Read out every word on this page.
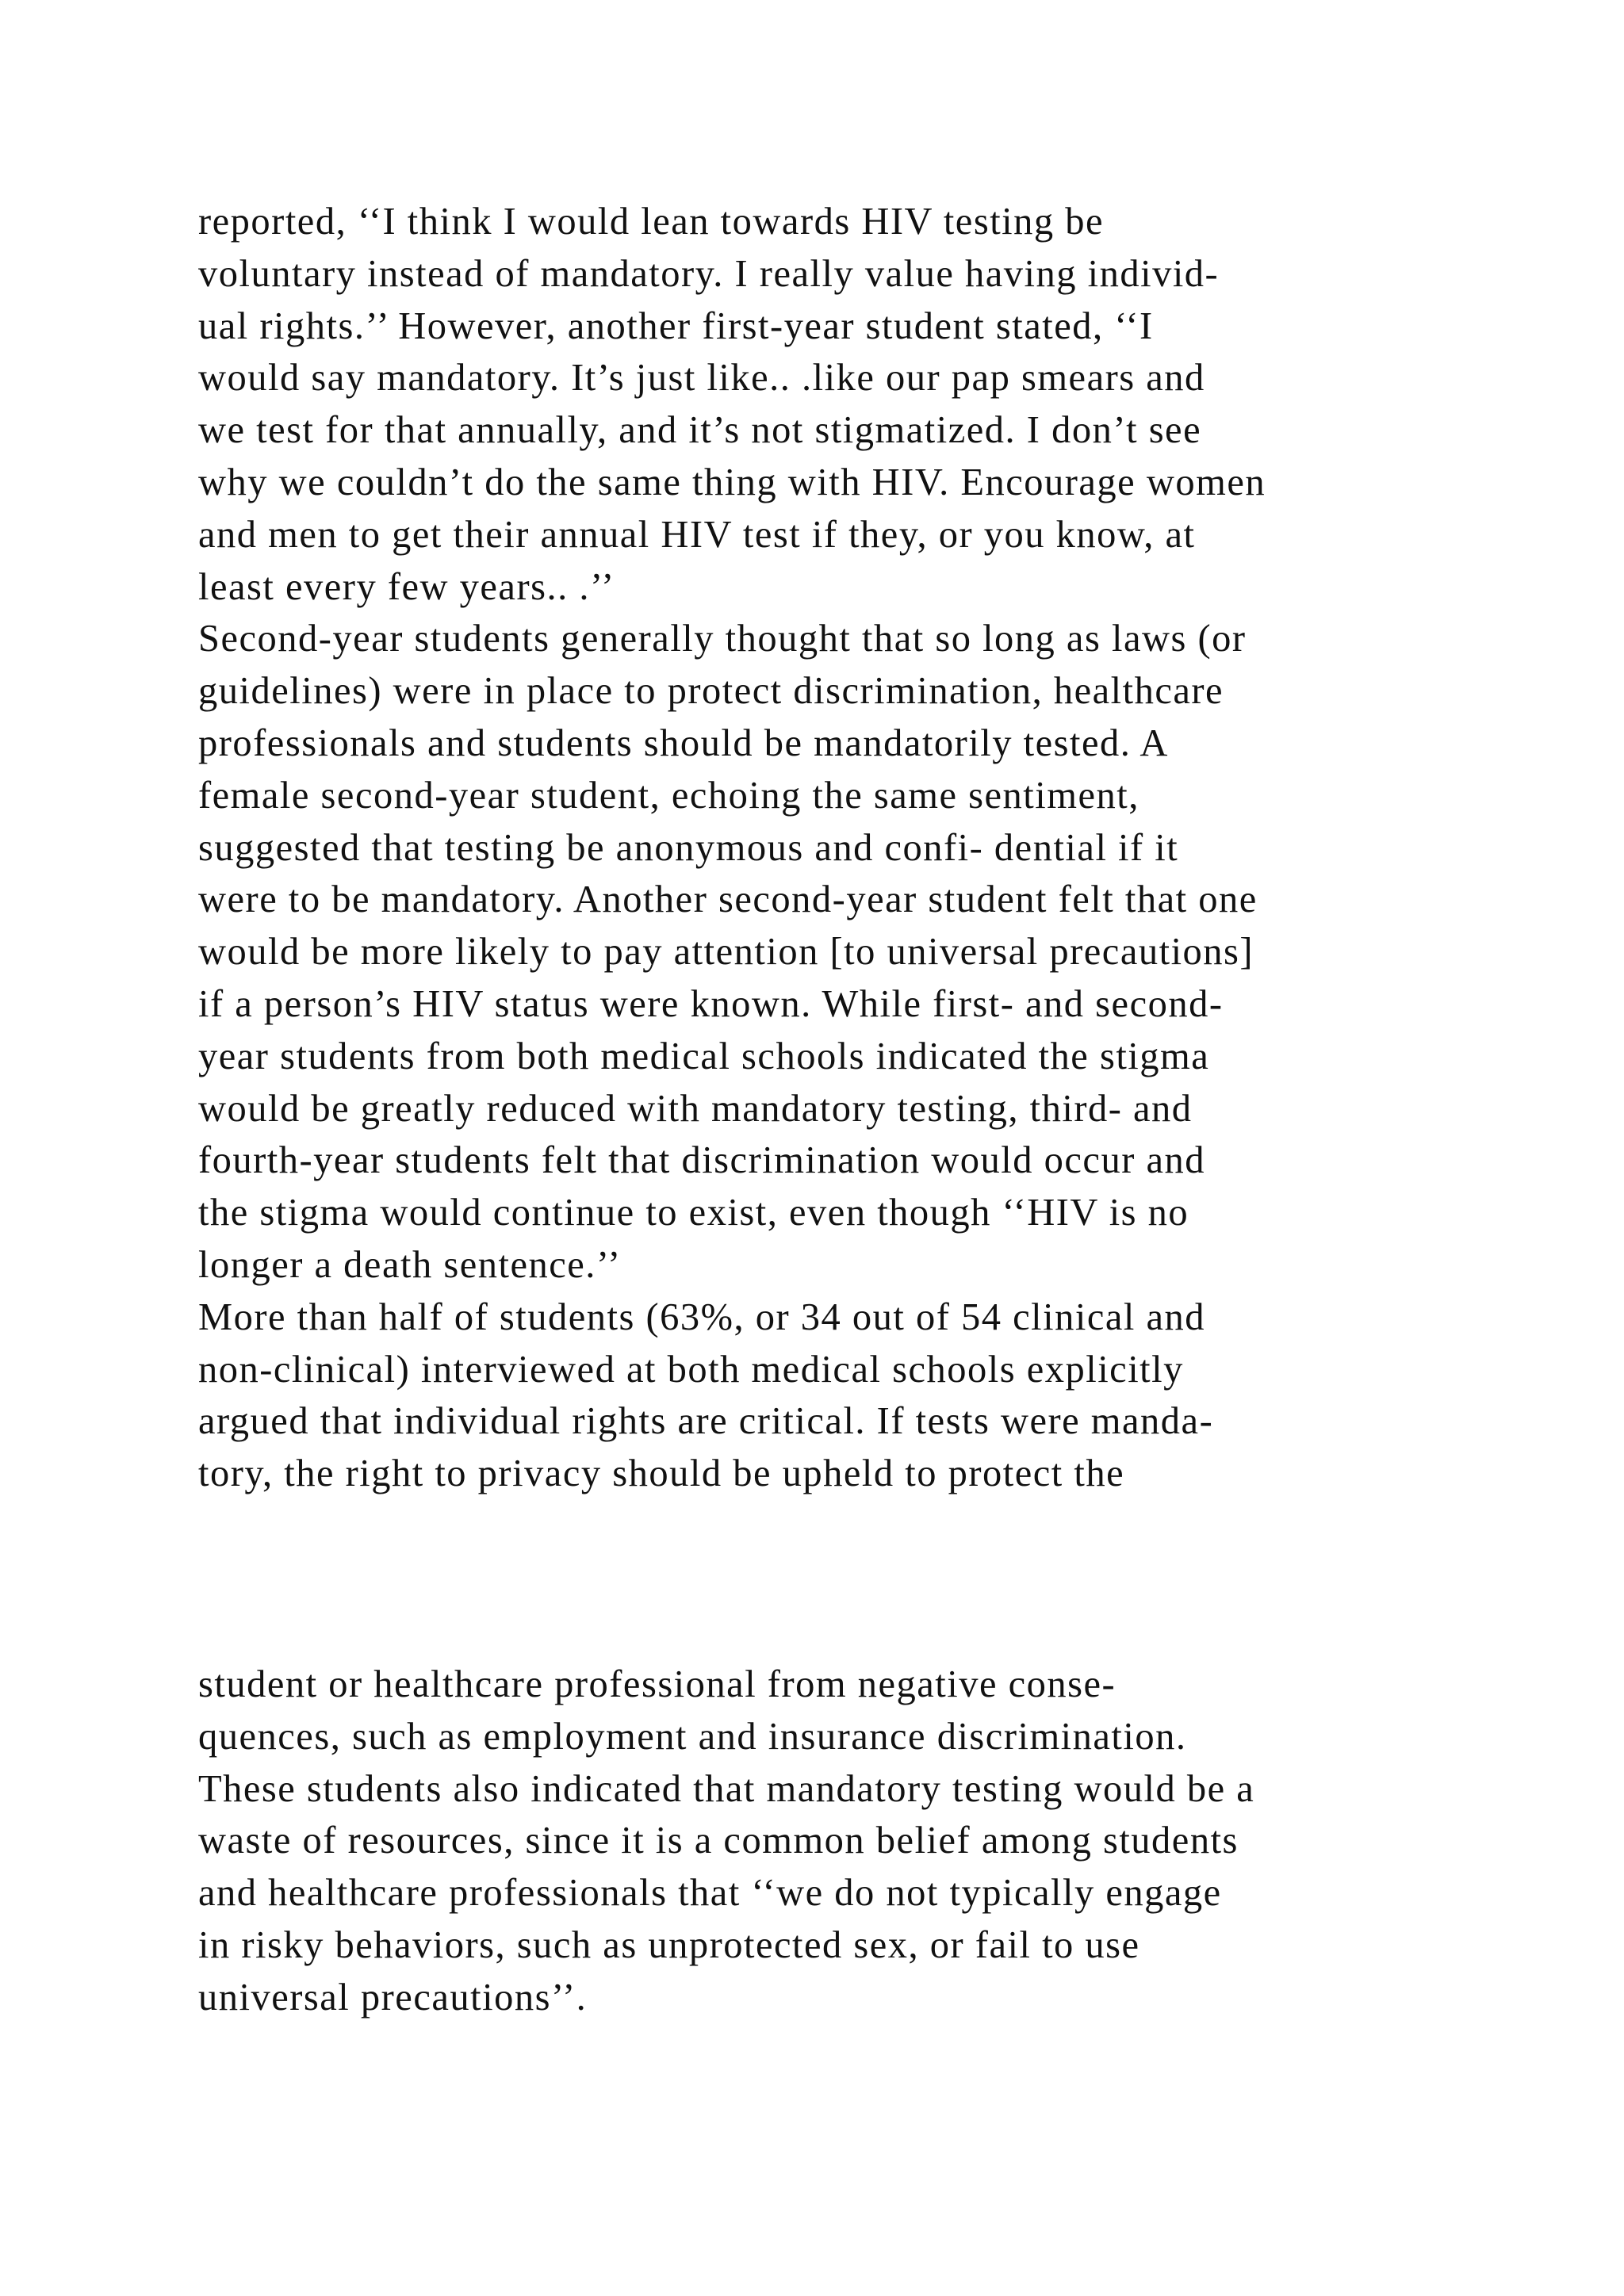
reported, ‘‘I think I would lean towards HIV testing be
voluntary instead of mandatory. I really value having individ-
ual rights.’’ However, another first-year student stated, ‘‘I
would say mandatory. It’s just like.. .like our pap smears and
we test for that annually, and it’s not stigmatized. I don’t see
why we couldn’t do the same thing with HIV. Encourage women
and men to get their annual HIV test if they, or you know, at
least every few years.. .’’
Second-year students generally thought that so long as laws (or
guidelines) were in place to protect discrimination, healthcare
professionals and students should be mandatorily tested. A
female second-year student, echoing the same sentiment,
suggested that testing be anonymous and confi- dential if it
were to be mandatory. Another second-year student felt that one
would be more likely to pay attention [to universal precautions]
if a person’s HIV status were known. While first- and second-
year students from both medical schools indicated the stigma
would be greatly reduced with mandatory testing, third- and
fourth-year students felt that discrimination would occur and
the stigma would continue to exist, even though ‘‘HIV is no
longer a death sentence.’’
More than half of students (63%, or 34 out of 54 clinical and
non-clinical) interviewed at both medical schools explicitly
argued that individual rights are critical. If tests were manda-
tory, the right to privacy should be upheld to protect the
student or healthcare professional from negative conse-
quences, such as employment and insurance discrimination.
These students also indicated that mandatory testing would be a
waste of resources, since it is a common belief among students
and healthcare professionals that ‘‘we do not typically engage
in risky behaviors, such as unprotected sex, or fail to use
universal precautions’’.
